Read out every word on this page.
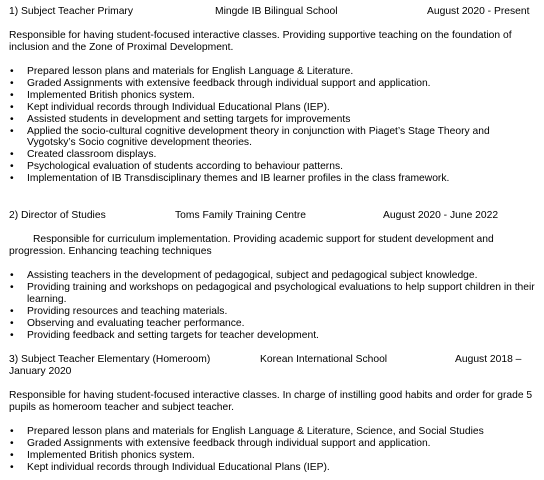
1) Subject Teacher Primary	Mingde IB Bilingual School	August 2020 - Present
Responsible for having student-focused interactive classes. Providing supportive teaching on the foundation of inclusion and the Zone of Proximal Development.
• Prepared lesson plans and materials for English Language & Literature.
• Graded Assignments with extensive feedback through individual support and application.
• Implemented British phonics system.
• Kept individual records through Individual Educational Plans (IEP).
• Assisted students in development and setting targets for improvements
• Applied the socio-cultural cognitive development theory in conjunction with Piaget’s Stage Theory and Vygotsky’s Socio cognitive development theories.
• Created classroom displays.
• Psychological evaluation of students according to behaviour patterns.
• Implementation of IB Transdisciplinary themes and IB learner profiles in the class framework.
2) Director of Studies	Toms Family Training Centre	August 2020 - June 2022
Responsible for curriculum implementation. Providing academic support for student development and progression. Enhancing teaching techniques
• Assisting teachers in the development of pedagogical, subject and pedagogical subject knowledge.
• Providing training and workshops on pedagogical and psychological evaluations to help support children in their learning.
• Providing resources and teaching materials.
• Observing and evaluating teacher performance.
• Providing feedback and setting targets for teacher development.
3) Subject Teacher Elementary (Homeroom)	Korean International School	August 2018 –
January 2020
Responsible for having student-focused interactive classes. In charge of instilling good habits and order for grade 5 pupils as homeroom teacher and subject teacher.
• Prepared lesson plans and materials for English Language & Literature, Science, and Social Studies
• Graded Assignments with extensive feedback through individual support and application.
• Implemented British phonics system.
• Kept individual records through Individual Educational Plans (IEP).
